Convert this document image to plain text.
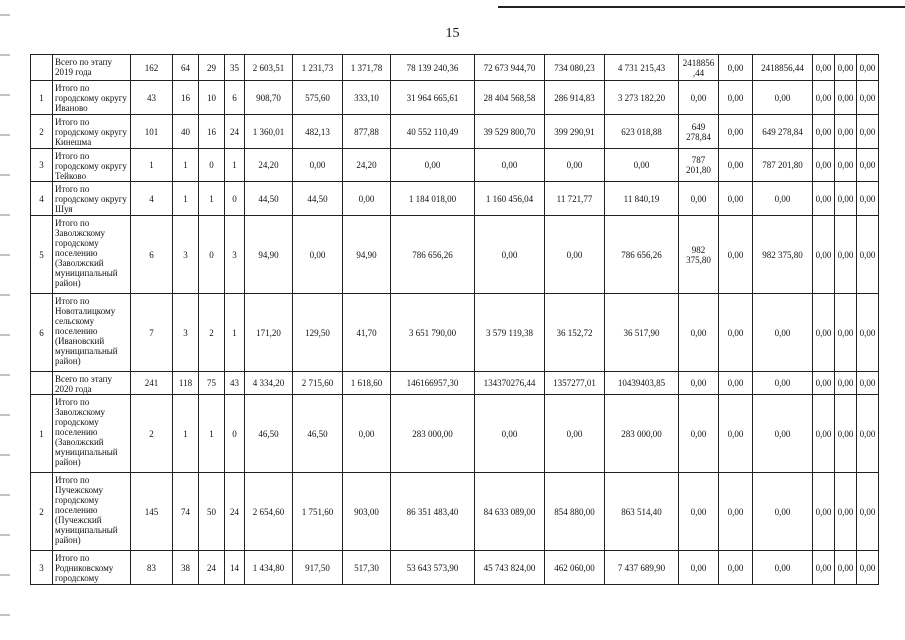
15
	Всего по этапу 2019 года	162	64	29	35	2 603,51	1 231,73	1 371,78	78 139 240,36	72 673 944,70	734 080,23	4 731 215,43	2418856 ,44	0,00	2418856,44	0,00	0,00	0,00
1	Итого по городскому округу Иваново	43	16	10	6	908,70	575,60	333,10	31 964 665,61	28 404 568,58	286 914,83	3 273 182,20	0,00	0,00	0,00	0,00	0,00	0,00
2	Итого по городскому округу Кинешма	101	40	16	24	1 360,01	482,13	877,88	40 552 110,49	39 529 800,70	399 290,91	623 018,88	649 278,84	0,00	649 278,84	0,00	0,00	0,00
3	Итого по городскому округу Тейково	1	1	0	1	24,20	0,00	24,20	0,00	0,00	0,00	0,00	787 201,80	0,00	787 201,80	0,00	0,00	0,00
4	Итого по городскому округу Шуя	4	1	1	0	44,50	44,50	0,00	1 184 018,00	1 160 456,04	11 721,77	11 840,19	0,00	0,00	0,00	0,00	0,00	0,00
5	Итого по Заволжскому городскому поселению (Заволжский муниципальный район)	6	3	0	3	94,90	0,00	94,90	786 656,26	0,00	0,00	786 656,26	982 375,80	0,00	982 375,80	0,00	0,00	0,00
6	Итого по Новоталицкому сельскому поселению (Ивановский муниципальный район)	7	3	2	1	171,20	129,50	41,70	3 651 790,00	3 579 119,38	36 152,72	36 517,90	0,00	0,00	0,00	0,00	0,00	0,00
	Всего по этапу 2020 года	241	118	75	43	4 334,20	2 715,60	1 618,60	146166957,30	134370276,44	1357277,01	10439403,85	0,00	0,00	0,00	0,00	0,00	0,00
1	Итого по Заволжскому городскому поселению (Заволжский муниципальный район)	2	1	1	0	46,50	46,50	0,00	283 000,00	0,00	0,00	283 000,00	0,00	0,00	0,00	0,00	0,00	0,00
2	Итого по Пучежскому городскому поселению (Пучежский муниципальный район)	145	74	50	24	2 654,60	1 751,60	903,00	86 351 483,40	84 633 089,00	854 880,00	863 514,40	0,00	0,00	0,00	0,00	0,00	0,00
3	Итого по Родниковскому городскому	83	38	24	14	1 434,80	917,50	517,30	53 643 573,90	45 743 824,00	462 060,00	7 437 689,90	0,00	0,00	0,00	0,00	0,00	0,00
